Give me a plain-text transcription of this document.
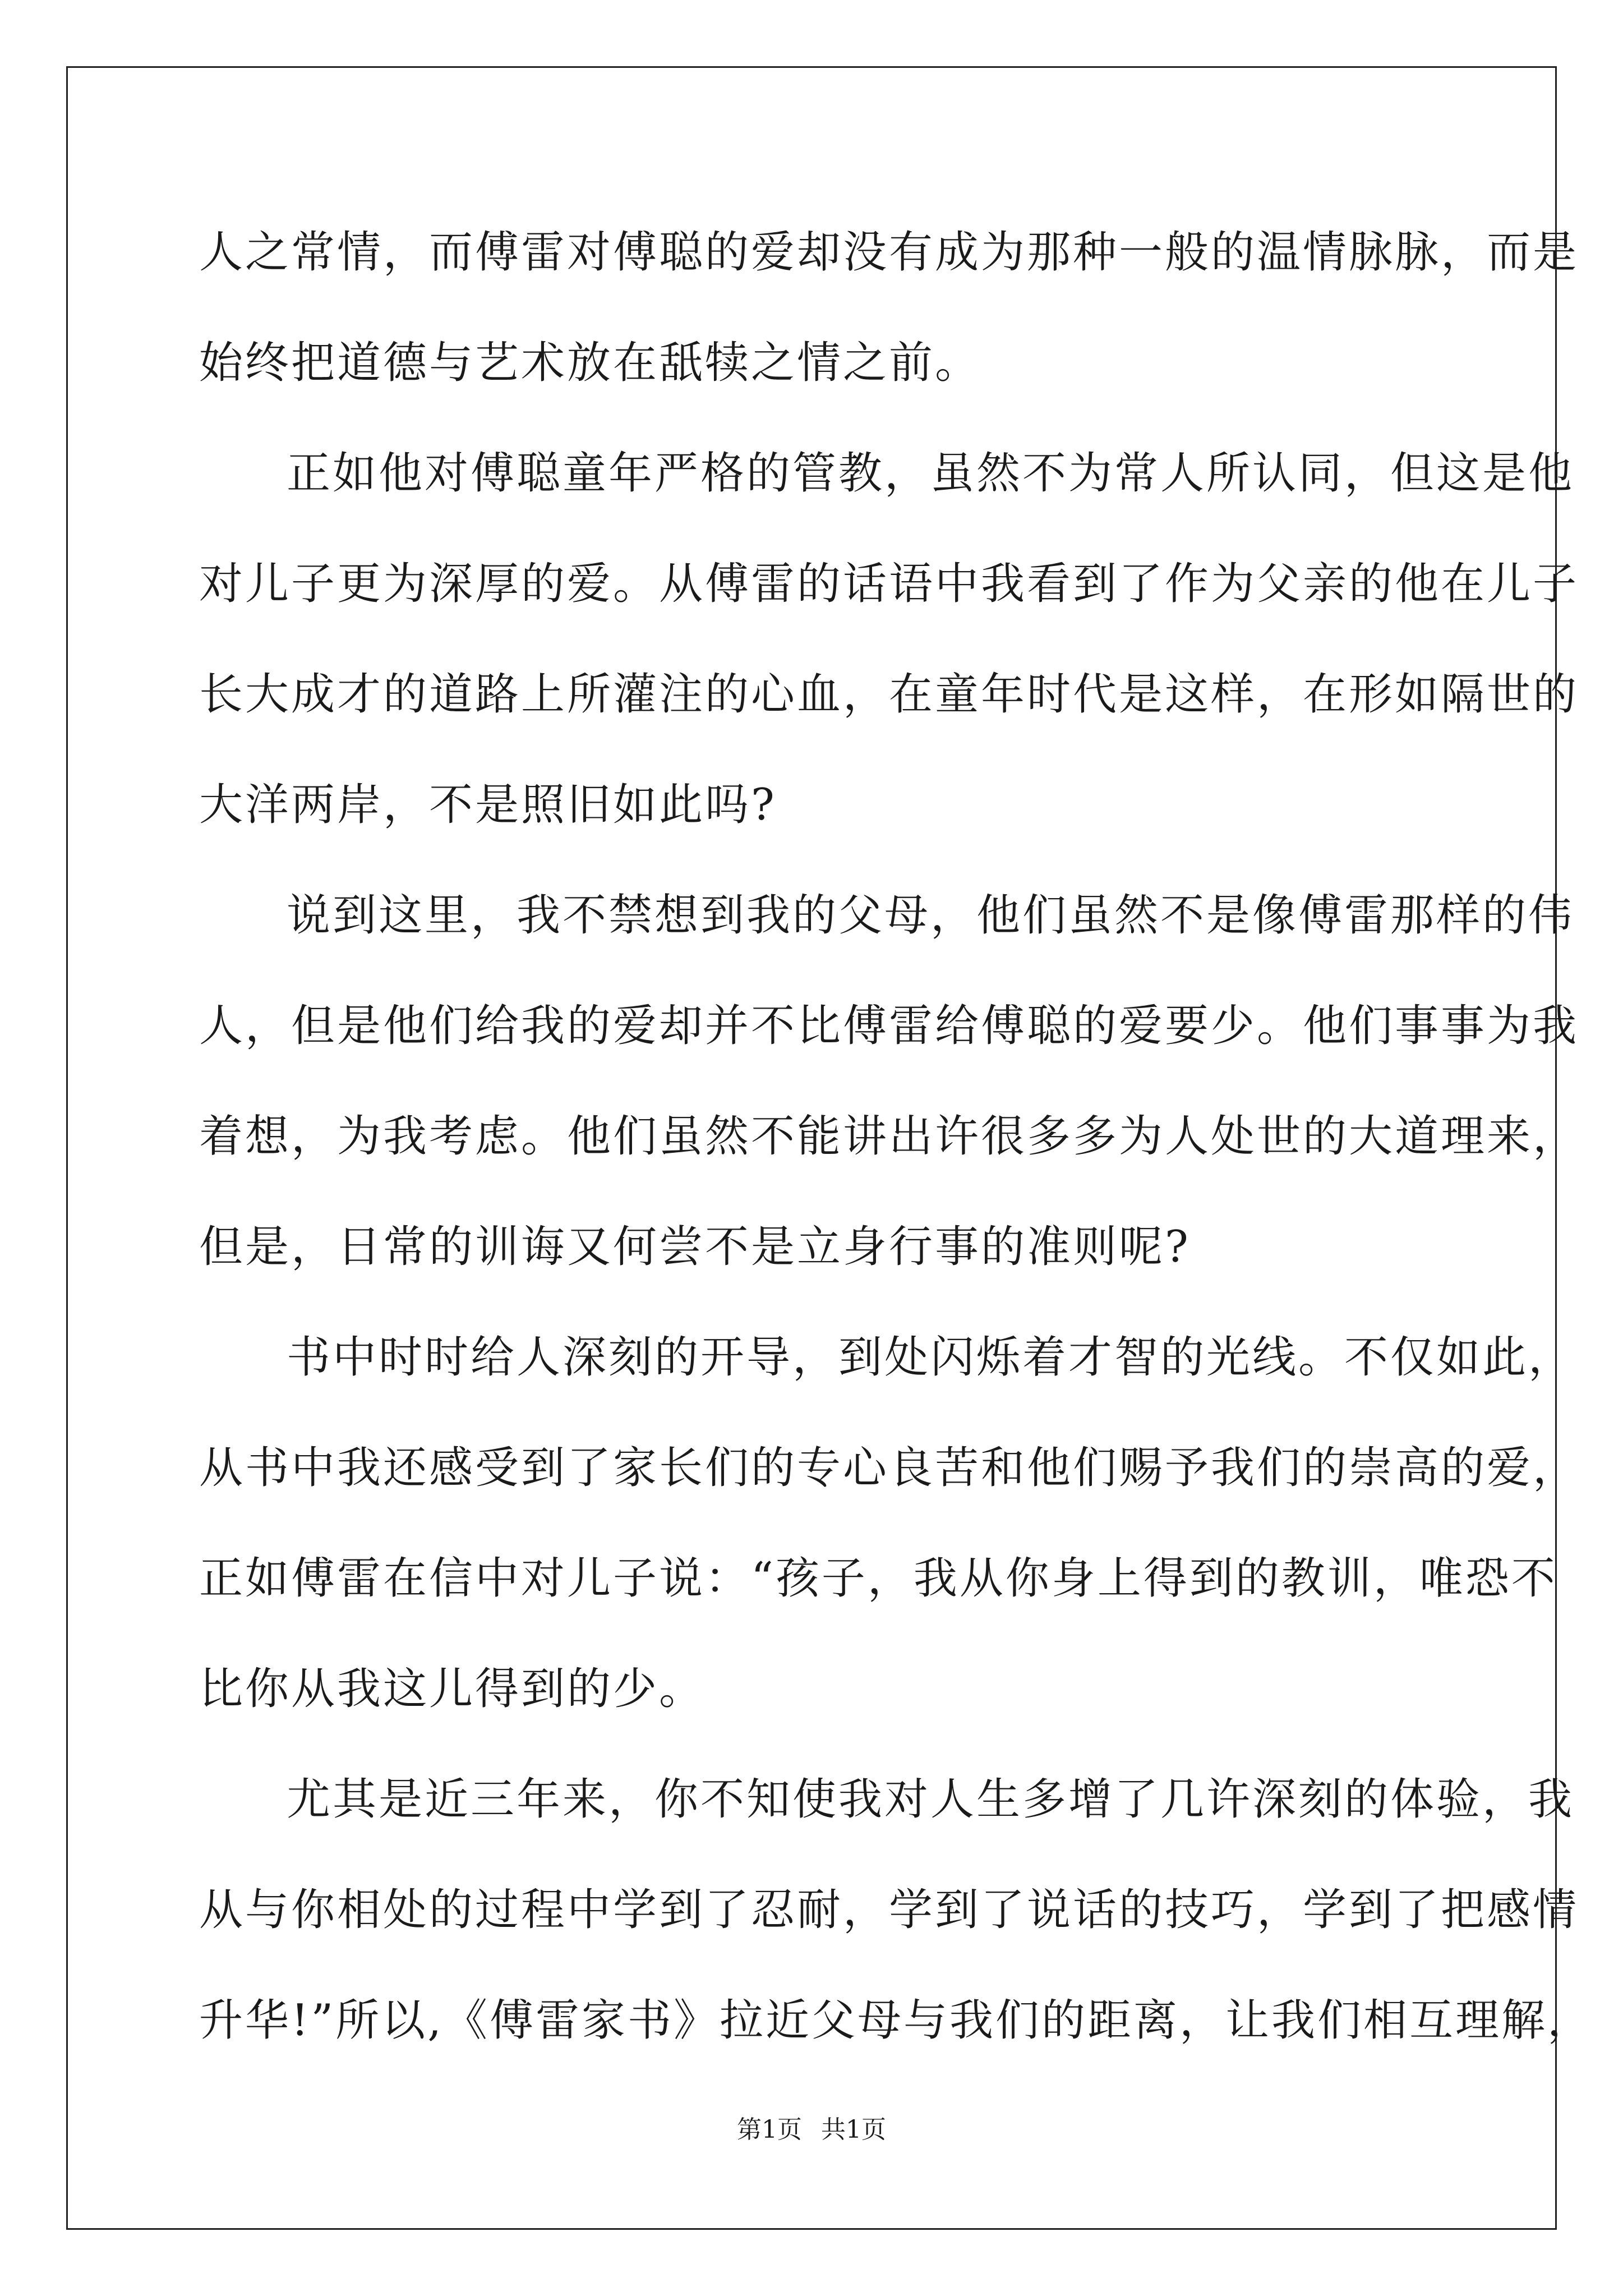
人之常情，而傅雷对傅聪的爱却没有成为那种一般的温情脉脉，而是
始终把道德与艺术放在舐犊之情之前。
正如他对傅聪童年严格的管教，虽然不为常人所认同，但这是他
对儿子更为深厚的爱。从傅雷的话语中我看到了作为父亲的他在儿子
长大成才的道路上所灌注的心血，在童年时代是这样，在形如隔世的
大洋两岸，不是照旧如此吗?
说到这里，我不禁想到我的父母，他们虽然不是像傅雷那样的伟
人，但是他们给我的爱却并不比傅雷给傅聪的爱要少。他们事事为我
着想，为我考虑。他们虽然不能讲出许很多多为人处世的大道理来，
但是，日常的训诲又何尝不是立身行事的准则呢?
书中时时给人深刻的开导，到处闪烁着才智的光线。不仅如此，
从书中我还感受到了家长们的专心良苦和他们赐予我们的崇高的爱，
正如傅雷在信中对儿子说：“孩子，我从你身上得到的教训，唯恐不
比你从我这儿得到的少。
尤其是近三年来，你不知使我对人生多增了几许深刻的体验，我
从与你相处的过程中学到了忍耐，学到了说话的技巧，学到了把感情
升华!”所以,《傅雷家书》拉近父母与我们的距离，让我们相互理解，
第1页 共1页
